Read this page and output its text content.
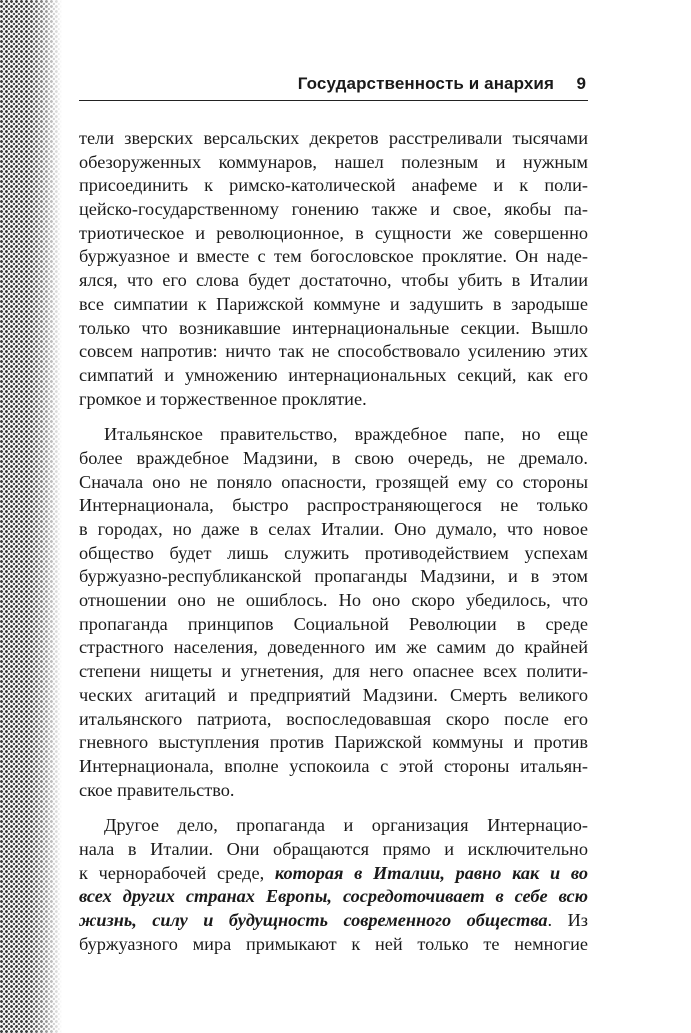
Государственность и анархия 9
тели зверских версальских декретов расстреливали тысячами
обезоруженных коммунаров, нашел полезным и нужным
присоединить к римско-католической анафеме и к поли-
цейско-государственному гонению также и свое, якобы па-
триотическое и революционное, в сущности же совершенно
буржуазное и вместе с тем богословское проклятие. Он наде-
ялся, что его слова будет достаточно, чтобы убить в Италии
все симпатии к Парижской коммуне и задушить в зародыше
только что возникавшие интернациональные секции. Вышло
совсем напротив: ничто так не способствовало усилению этих
симпатий и умножению интернациональных секций, как его
громкое и торжественное проклятие.
Итальянское правительство, враждебное папе, но еще
более враждебное Мадзини, в свою очередь, не дремало.
Сначала оно не поняло опасности, грозящей ему со стороны
Интернационала, быстро распространяющегося не только
в городах, но даже в селах Италии. Оно думало, что новое
общество будет лишь служить противодействием успехам
буржуазно-республиканской пропаганды Мадзини, и в этом
отношении оно не ошиблось. Но оно скоро убедилось, что
пропаганда принципов Социальной Революции в среде
страстного населения, доведенного им же самим до крайней
степени нищеты и угнетения, для него опаснее всех полити-
ческих агитаций и предприятий Мадзини. Смерть великого
итальянского патриота, воспоследовавшая скоро после его
гневного выступления против Парижской коммуны и против
Интернационала, вполне успокоила с этой стороны итальян-
ское правительство.
Другое дело, пропаганда и организация Интернацио-
нала в Италии. Они обращаются прямо и исключительно
к чернорабочей среде, которая в Италии, равно как и во
всех других странах Европы, сосредоточивает в себе всю
жизнь, силу и будущность современного общества. Из
буржуазного мира примыкают к ней только те немногие
